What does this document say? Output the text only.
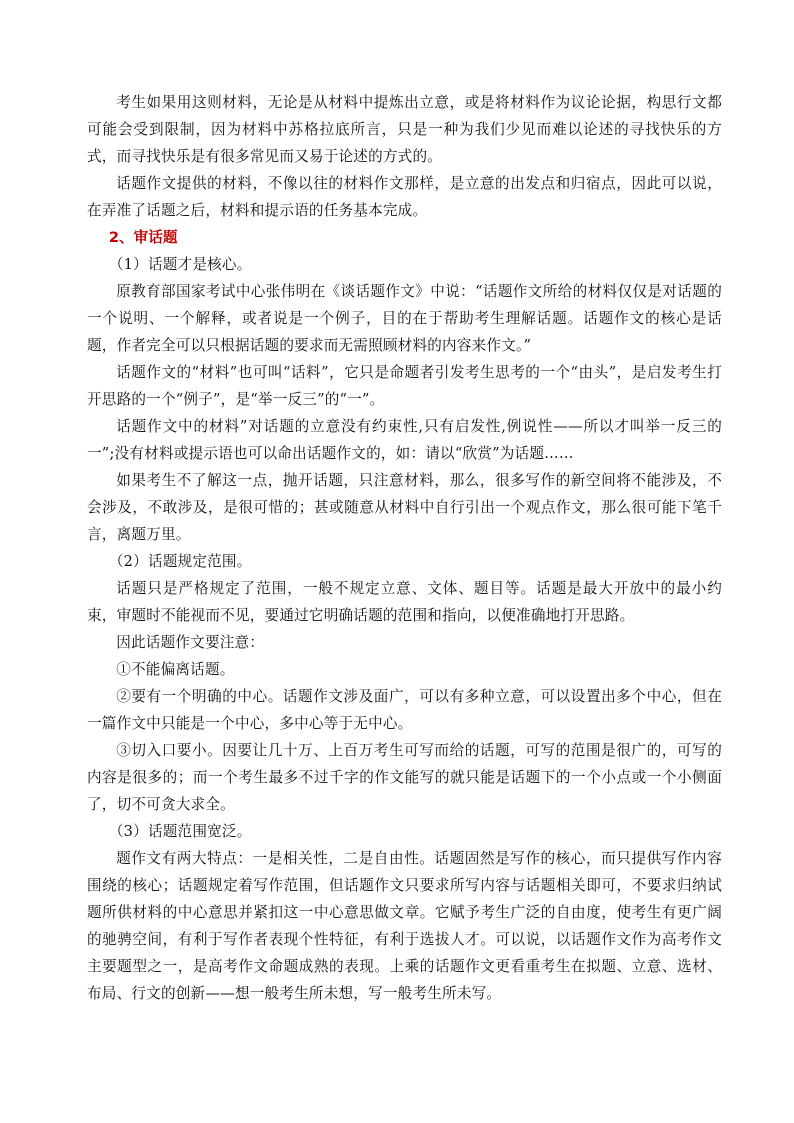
考生如果用这则材料，无论是从材料中提炼出立意，或是将材料作为议论论据，构思行文都可能会受到限制，因为材料中苏格拉底所言，只是一种为我们少见而难以论述的寻找快乐的方式，而寻找快乐是有很多常见而又易于论述的方式的。

话题作文提供的材料，不像以往的材料作文那样，是立意的出发点和归宿点，因此可以说，在弄准了话题之后，材料和提示语的任务基本完成。

2、审话题

（1）话题才是核心。

原教育部国家考试中心张伟明在《谈话题作文》中说：“话题作文所给的材料仅仅是对话题的一个说明、一个解释，或者说是一个例子，目的在于帮助考生理解话题。话题作文的核心是话题，作者完全可以只根据话题的要求而无需照顾材料的内容来作文。”

话题作文的“材料”也可叫“话料”，它只是命题者引发考生思考的一个“由头”，是启发考生打开思路的一个“例子”，是“举一反三”的“一”。

话题作文中的材料”对话题的立意没有约束性,只有启发性,例说性——所以才叫举一反三的一”;没有材料或提示语也可以命出话题作文的，如：请以“欣赏”为话题……

如果考生不了解这一点，抛开话题，只注意材料，那么，很多写作的新空间将不能涉及，不会涉及，不敢涉及，是很可惜的；甚或随意从材料中自行引出一个观点作文，那么很可能下笔千言，离题万里。

（2）话题规定范围。

话题只是严格规定了范围，一般不规定立意、文体、题目等。话题是最大开放中的最小约束，审题时不能视而不见，要通过它明确话题的范围和指向，以便准确地打开思路。

因此话题作文要注意：

①不能偏离话题。

②要有一个明确的中心。话题作文涉及面广，可以有多种立意，可以设置出多个中心，但在一篇作文中只能是一个中心，多中心等于无中心。

③切入口要小。因要让几十万、上百万考生可写而给的话题，可写的范围是很广的，可写的内容是很多的；而一个考生最多不过千字的作文能写的就只能是话题下的一个小点或一个小侧面了，切不可贪大求全。

（3）话题范围宽泛。

题作文有两大特点：一是相关性，二是自由性。话题固然是写作的核心，而只提供写作内容围绕的核心；话题规定着写作范围，但话题作文只要求所写内容与话题相关即可，不要求归纳试题所供材料的中心意思并紧扣这一中心意思做文章。它赋予考生广泛的自由度，使考生有更广阔的驰骋空间，有利于写作者表现个性特征，有利于选拔人才。可以说，以话题作文作为高考作文主要题型之一，是高考作文命题成熟的表现。上乘的话题作文更看重考生在拟题、立意、选材、布局、行文的创新——想一般考生所未想，写一般考生所未写。
